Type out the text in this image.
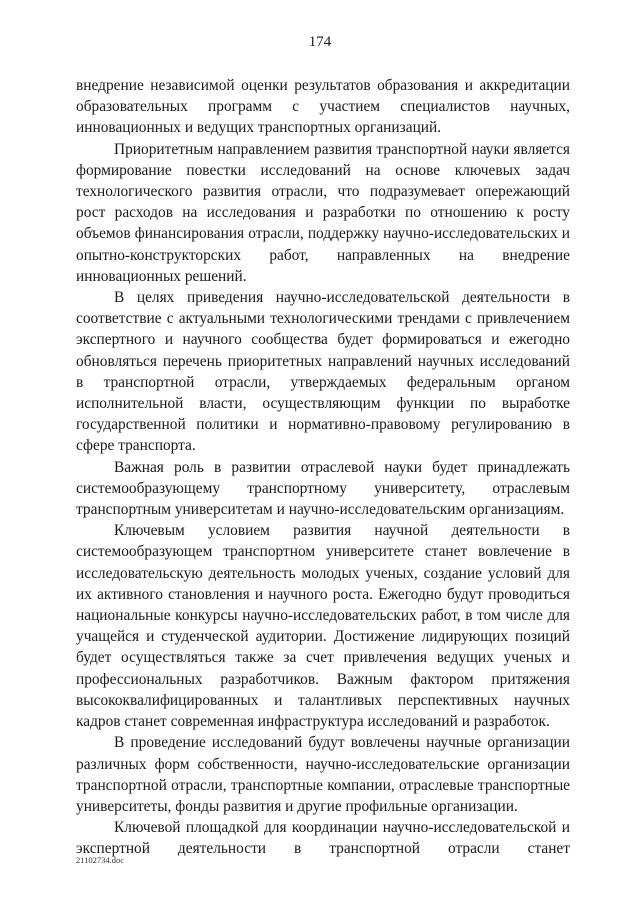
174

внедрение независимой оценки результатов образования и аккредитации образовательных программ с участием специалистов научных, инновационных и ведущих транспортных организаций.

Приоритетным направлением развития транспортной науки является формирование повестки исследований на основе ключевых задач технологического развития отрасли, что подразумевает опережающий рост расходов на исследования и разработки по отношению к росту объемов финансирования отрасли, поддержку научно-исследовательских и опытно-конструкторских работ, направленных на внедрение инновационных решений.

В целях приведения научно-исследовательской деятельности в соответствие с актуальными технологическими трендами с привлечением экспертного и научного сообщества будет формироваться и ежегодно обновляться перечень приоритетных направлений научных исследований в транспортной отрасли, утверждаемых федеральным органом исполнительной власти, осуществляющим функции по выработке государственной политики и нормативно-правовому регулированию в сфере транспорта.

Важная роль в развитии отраслевой науки будет принадлежать системообразующему транспортному университету, отраслевым транспортным университетам и научно-исследовательским организациям.

Ключевым условием развития научной деятельности в системообразующем транспортном университете станет вовлечение в исследовательскую деятельность молодых ученых, создание условий для их активного становления и научного роста. Ежегодно будут проводиться национальные конкурсы научно-исследовательских работ, в том числе для учащейся и студенческой аудитории. Достижение лидирующих позиций будет осуществляться также за счет привлечения ведущих ученых и профессиональных разработчиков. Важным фактором притяжения высококвалифицированных и талантливых перспективных научных кадров станет современная инфраструктура исследований и разработок.

В проведение исследований будут вовлечены научные организации различных форм собственности, научно-исследовательские организации транспортной отрасли, транспортные компании, отраслевые транспортные университеты, фонды развития и другие профильные организации.

Ключевой площадкой для координации научно-исследовательской и экспертной деятельности в транспортной отрасли станет

21102734.doc
